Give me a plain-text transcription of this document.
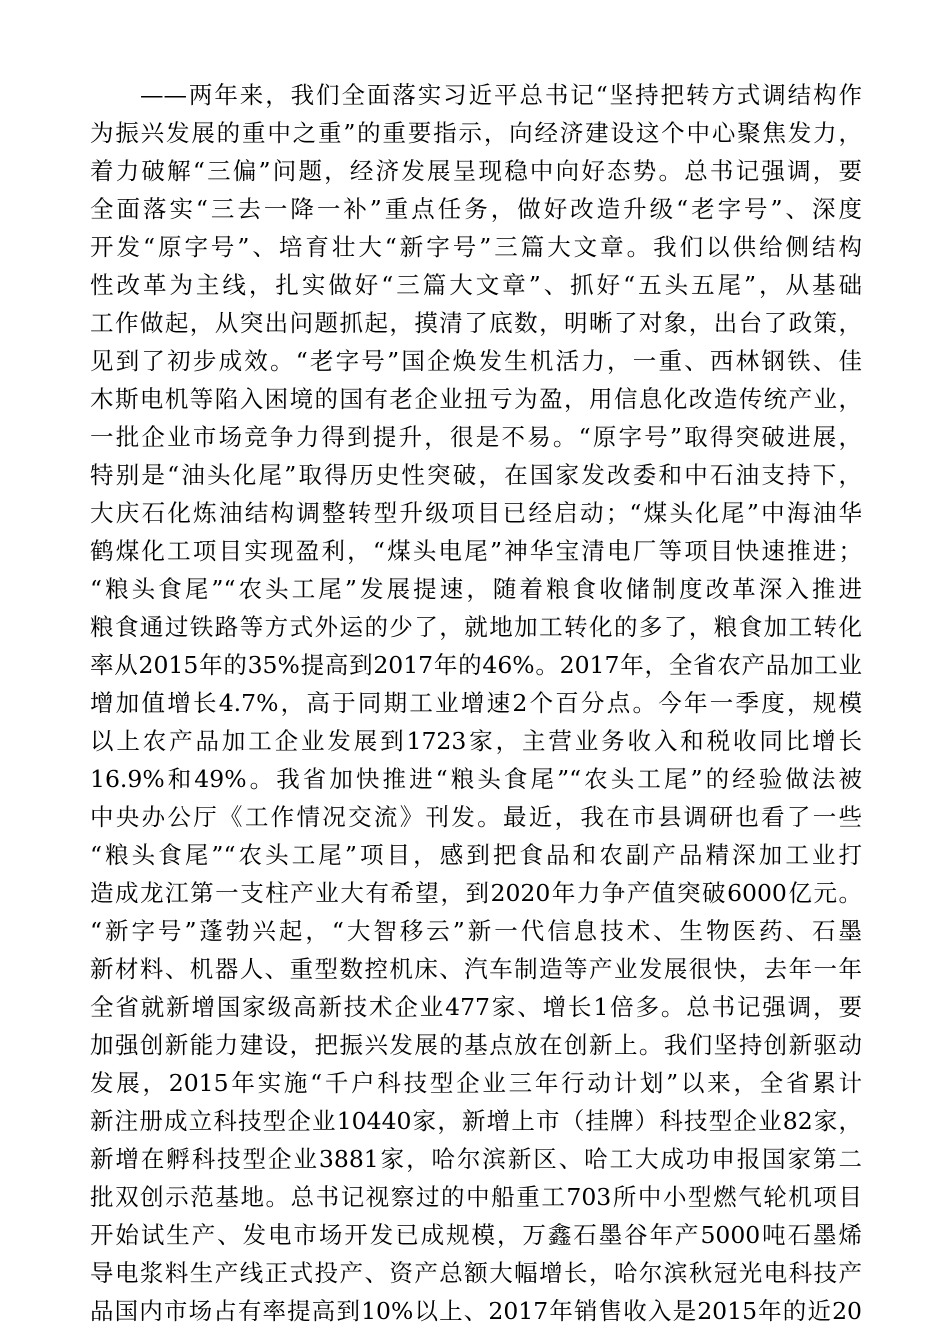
——两年来，我们全面落实习近平总书记“坚持把转方式调结构作
为振兴发展的重中之重”的重要指示，向经济建设这个中心聚焦发力，
着力破解“三偏”问题，经济发展呈现稳中向好态势。总书记强调，要
全面落实“三去一降一补”重点任务，做好改造升级“老字号”、深度
开发“原字号”、培育壮大“新字号”三篇大文章。我们以供给侧结构
性改革为主线，扎实做好“三篇大文章”、抓好“五头五尾”，从基础
工作做起，从突出问题抓起，摸清了底数，明晰了对象，出台了政策，
见到了初步成效。“老字号”国企焕发生机活力，一重、西林钢铁、佳
木斯电机等陷入困境的国有老企业扭亏为盈，用信息化改造传统产业，
一批企业市场竞争力得到提升，很是不易。“原字号”取得突破进展，
特别是“油头化尾”取得历史性突破，在国家发改委和中石油支持下，
大庆石化炼油结构调整转型升级项目已经启动；“煤头化尾”中海油华
鹤煤化工项目实现盈利，“煤头电尾”神华宝清电厂等项目快速推进；
“粮头食尾”“农头工尾”发展提速，随着粮食收储制度改革深入推进
粮食通过铁路等方式外运的少了，就地加工转化的多了，粮食加工转化
率从2015年的35%提高到2017年的46%。2017年，全省农产品加工业
增加值增长4.7%，高于同期工业增速2个百分点。今年一季度，规模
以上农产品加工企业发展到1723家，主营业务收入和税收同比增长
16.9%和49%。我省加快推进“粮头食尾”“农头工尾”的经验做法被
中央办公厅《工作情况交流》刊发。最近，我在市县调研也看了一些
“粮头食尾”“农头工尾”项目，感到把食品和农副产品精深加工业打
造成龙江第一支柱产业大有希望，到2020年力争产值突破6000亿元。
“新字号”蓬勃兴起，“大智移云”新一代信息技术、生物医药、石墨
新材料、机器人、重型数控机床、汽车制造等产业发展很快，去年一年
全省就新增国家级高新技术企业477家、增长1倍多。总书记强调，要
加强创新能力建设，把振兴发展的基点放在创新上。我们坚持创新驱动
发展，2015年实施“千户科技型企业三年行动计划”以来，全省累计
新注册成立科技型企业10440家，新增上市（挂牌）科技型企业82家，
新增在孵科技型企业3881家，哈尔滨新区、哈工大成功申报国家第二
批双创示范基地。总书记视察过的中船重工703所中小型燃气轮机项目
开始试生产、发电市场开发已成规模，万鑫石墨谷年产5000吨石墨烯
导电浆料生产线正式投产、资产总额大幅增长，哈尔滨秋冠光电科技产
品国内市场占有率提高到10%以上、2017年销售收入是2015年的近20
